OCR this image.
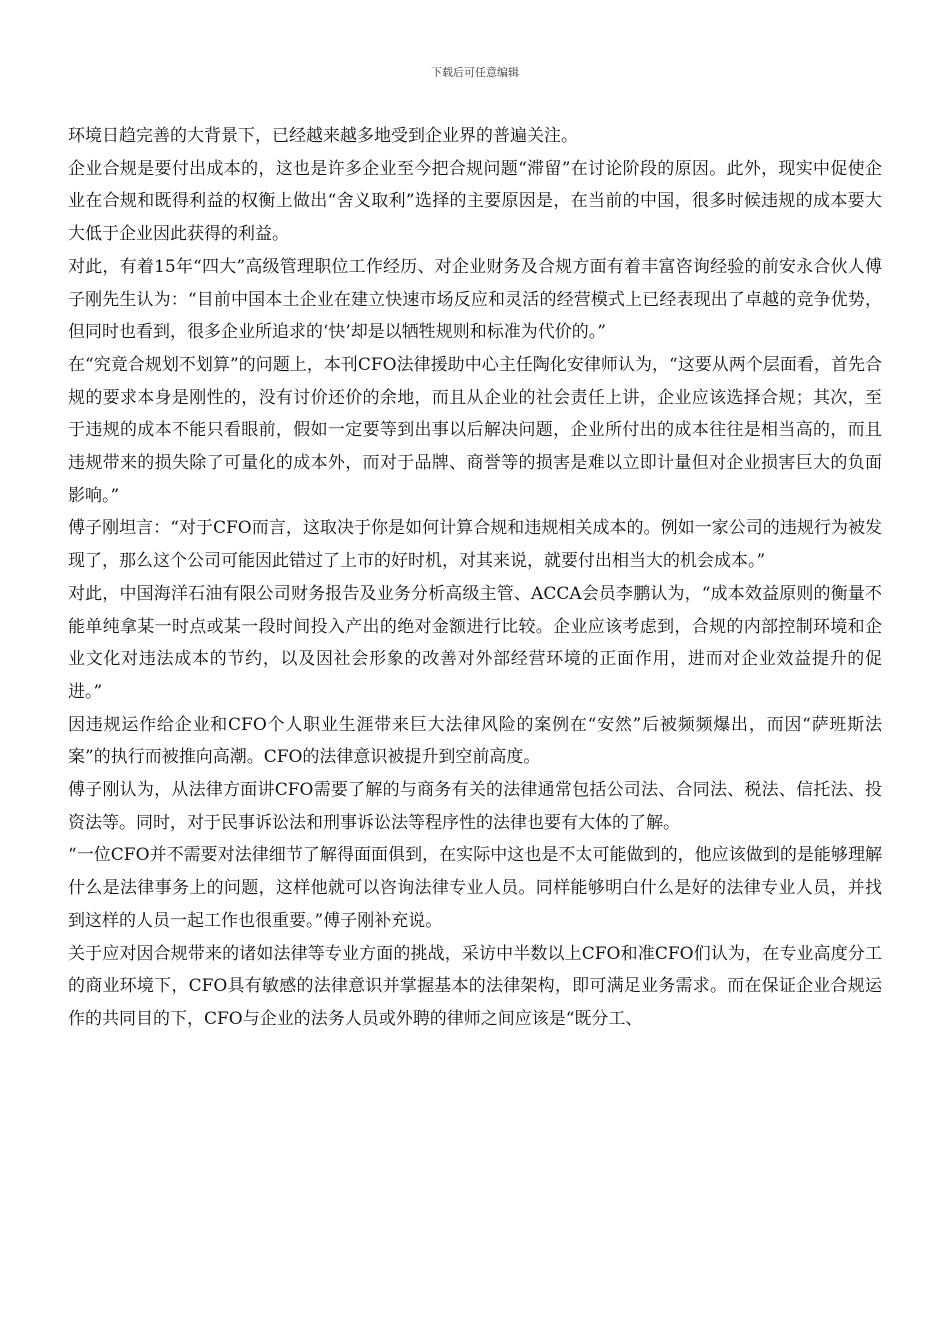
下载后可任意编辑

环境日趋完善的大背景下，已经越来越多地受到企业界的普遍关注。

企业合规是要付出成本的，这也是许多企业至今把合规问题“滞留”在讨论阶段的原因。此外，现实中促使企业在合规和既得利益的权衡上做出“舍义取利”选择的主要原因是，在当前的中国，很多时候违规的成本要大大低于企业因此获得的利益。

对此，有着15年“四大”高级管理职位工作经历、对企业财务及合规方面有着丰富咨询经验的前安永合伙人傅子刚先生认为：“目前中国本土企业在建立快速市场反应和灵活的经营模式上已经表现出了卓越的竞争优势，但同时也看到，很多企业所追求的‘快’却是以牺牲规则和标准为代价的。”

在“究竟合规划不划算”的问题上，本刊CFO法律援助中心主任陶化安律师认为，“这要从两个层面看，首先合规的要求本身是刚性的，没有讨价还价的余地，而且从企业的社会责任上讲，企业应该选择合规；其次，至于违规的成本不能只看眼前，假如一定要等到出事以后解决问题，企业所付出的成本往往是相当高的，而且违规带来的损失除了可量化的成本外，而对于品牌、商誉等的损害是难以立即计量但对企业损害巨大的负面影响。”

傅子刚坦言：“对于CFO而言，这取决于你是如何计算合规和违规相关成本的。例如一家公司的违规行为被发现了，那么这个公司可能因此错过了上市的好时机，对其来说，就要付出相当大的机会成本。”

对此，中国海洋石油有限公司财务报告及业务分析高级主管、ACCA会员李鹏认为，“成本效益原则的衡量不能单纯拿某一时点或某一段时间投入产出的绝对金额进行比较。企业应该考虑到，合规的内部控制环境和企业文化对违法成本的节约，以及因社会形象的改善对外部经营环境的正面作用，进而对企业效益提升的促进。”

因违规运作给企业和CFO个人职业生涯带来巨大法律风险的案例在“安然”后被频频爆出，而因“萨班斯法案”的执行而被推向高潮。CFO的法律意识被提升到空前高度。

傅子刚认为，从法律方面讲CFO需要了解的与商务有关的法律通常包括公司法、合同法、税法、信托法、投资法等。同时，对于民事诉讼法和刑事诉讼法等程序性的法律也要有大体的了解。

“一位CFO并不需要对法律细节了解得面面俱到，在实际中这也是不太可能做到的，他应该做到的是能够理解什么是法律事务上的问题，这样他就可以咨询法律专业人员。同样能够明白什么是好的法律专业人员，并找到这样的人员一起工作也很重要。”傅子刚补充说。

关于应对因合规带来的诸如法律等专业方面的挑战，采访中半数以上CFO和准CFO们认为，在专业高度分工的商业环境下，CFO具有敏感的法律意识并掌握基本的法律架构，即可满足业务需求。而在保证企业合规运作的共同目的下，CFO与企业的法务人员或外聘的律师之间应该是“既分工、
